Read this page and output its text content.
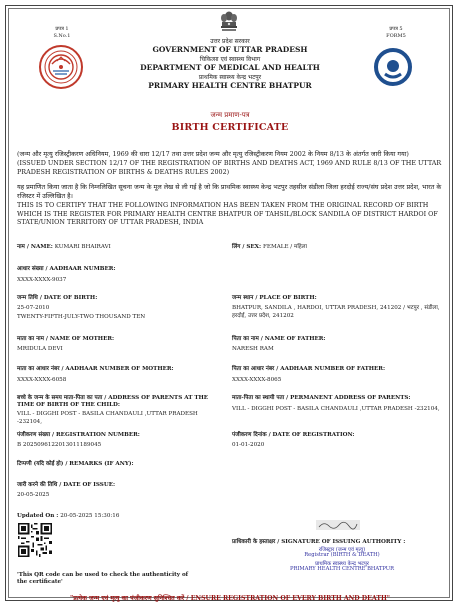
प्रपत्र 1
S.No.1
प्रपत्र 5
FORM5
उत्तर प्रदेश सरकार
GOVERNMENT OF UTTAR PRADESH
चिकित्सा एवं स्वास्थ्य विभाग
DEPARTMENT OF MEDICAL AND HEALTH
प्राथमिक स्वास्थ्य केन्द्र भटपुर
PRIMARY HEALTH CENTRE BHATPUR
जन्म प्रमाण-पत्र
BIRTH CERTIFICATE
(जन्म और मृत्यु रजिस्ट्रीकरण अधिनियम, 1969 की धारा 12/17 तथा उत्तर प्रदेश जन्म और मृत्यु रजिस्ट्रीकरण नियम 2002 के नियम 8/13 के अंतर्गत जारी किया गया)
(ISSUED UNDER SECTION 12/17 OF THE REGISTRATION OF BIRTHS AND DEATHS ACT, 1969 AND RULE 8/13 OF THE UTTAR PRADESH REGISTRATION OF BIRTHS & DEATHS RULES 2002)
यह प्रमाणित किया जाता है कि निम्नलिखित सूचना जन्म के मूल लेख से ली गई है जो कि प्राथमिक स्वास्थ्य केन्द्र भटपुर तहसील संडीला जिला हरदोई राज्य/संघ प्रदेश उत्तर प्रदेश, भारत के रजिस्टर में उल्लिखित है।
THIS IS TO CERTIFY THAT THE FOLLOWING INFORMATION HAS BEEN TAKEN FROM THE ORIGINAL RECORD OF BIRTH WHICH IS THE REGISTER FOR PRIMARY HEALTH CENTRE BHATPUR OF TAHSIL/BLOCK SANDILA OF DISTRICT HARDOI OF STATE/UNION TERRITORY OF UTTAR PRADESH, INDIA
नाम / NAME: KUMARI BHAIRAVI	लिंग / SEX: FEMALE / महिला
आधार संख्या / AADHAAR NUMBER:
XXXX-XXXX-9037
जन्म तिथि / DATE OF BIRTH:
25-07-2010
TWENTY-FIFTH-JULY-TWO THOUSAND TEN
जन्म स्थान / PLACE OF BIRTH:
BHATPUR, SANDILA , HARDOI, UTTAR PRADESH, 241202 / भटपुर , संडीला, हरदोई, उत्तर प्रदेश, 241202
माता का नाम / NAME OF MOTHER:
MRIDULA DEVI
पिता का नाम / NAME OF FATHER:
NARESH RAM
माता का आधार नंबर / AADHAAR NUMBER OF MOTHER:
XXXX-XXXX-6058
पिता का आधार नंबर / AADHAAR NUMBER OF FATHER:
XXXX-XXXX-8065
बच्चे के जन्म के समय माता-पिता का पता / ADDRESS OF PARENTS AT THE TIME OF BIRTH OF THE CHILD:
VILL - DIGGHI POST - BASILA CHANDAULI ,UTTAR PRADESH -232104,
माता-पिता का स्थायी पता / PERMANENT ADDRESS OF PARENTS:
VILL - DIGGHI POST - BASILA CHANDAULI ,UTTAR PRADESH -232104,
पंजीकरण संख्या / REGISTRATION NUMBER:
B 2025096122013011189045
पंजीकरण दिनांक / DATE OF REGISTRATION:
01-01-2020
टिप्पणी (यदि कोई हो) / REMARKS (IF ANY):
जारी करने की तिथि / DATE OF ISSUE:
20-05-2025
Updated On : 20-05-2025 15:30:16
'This QR code can be used to check the authenticity of the certificate'
प्राधिकारी के हस्ताक्षर / SIGNATURE OF ISSUING AUTHORITY :
रजिस्ट्रार (जन्म एवं मृत्यु)
Registrar (BIRTH & DEATH)
प्राथमिक स्वास्थ्य केन्द्र भटपुर
PRIMARY HEALTH CENTRE BHATPUR
"प्रत्येक जन्म एवं मृत्यु का पंजीकरण सुनिश्चित करें / ENSURE REGISTRATION OF EVERY BIRTH AND DEATH"
